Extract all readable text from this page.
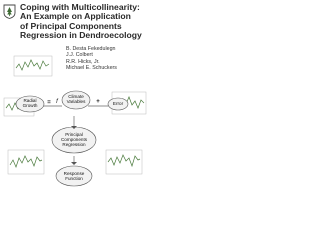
Coping with Multicollinearity:
An Example on Application
of Principal Components
Regression in Dendroecology
B. Desta Fekedulegn
J.J. Colbert
R.R. Hicks, Jr.
Michael E. Schuckers
Radial
Growth	= f
Climate
Variables	+	Error
Principal
Components
Regression
Response
Function
